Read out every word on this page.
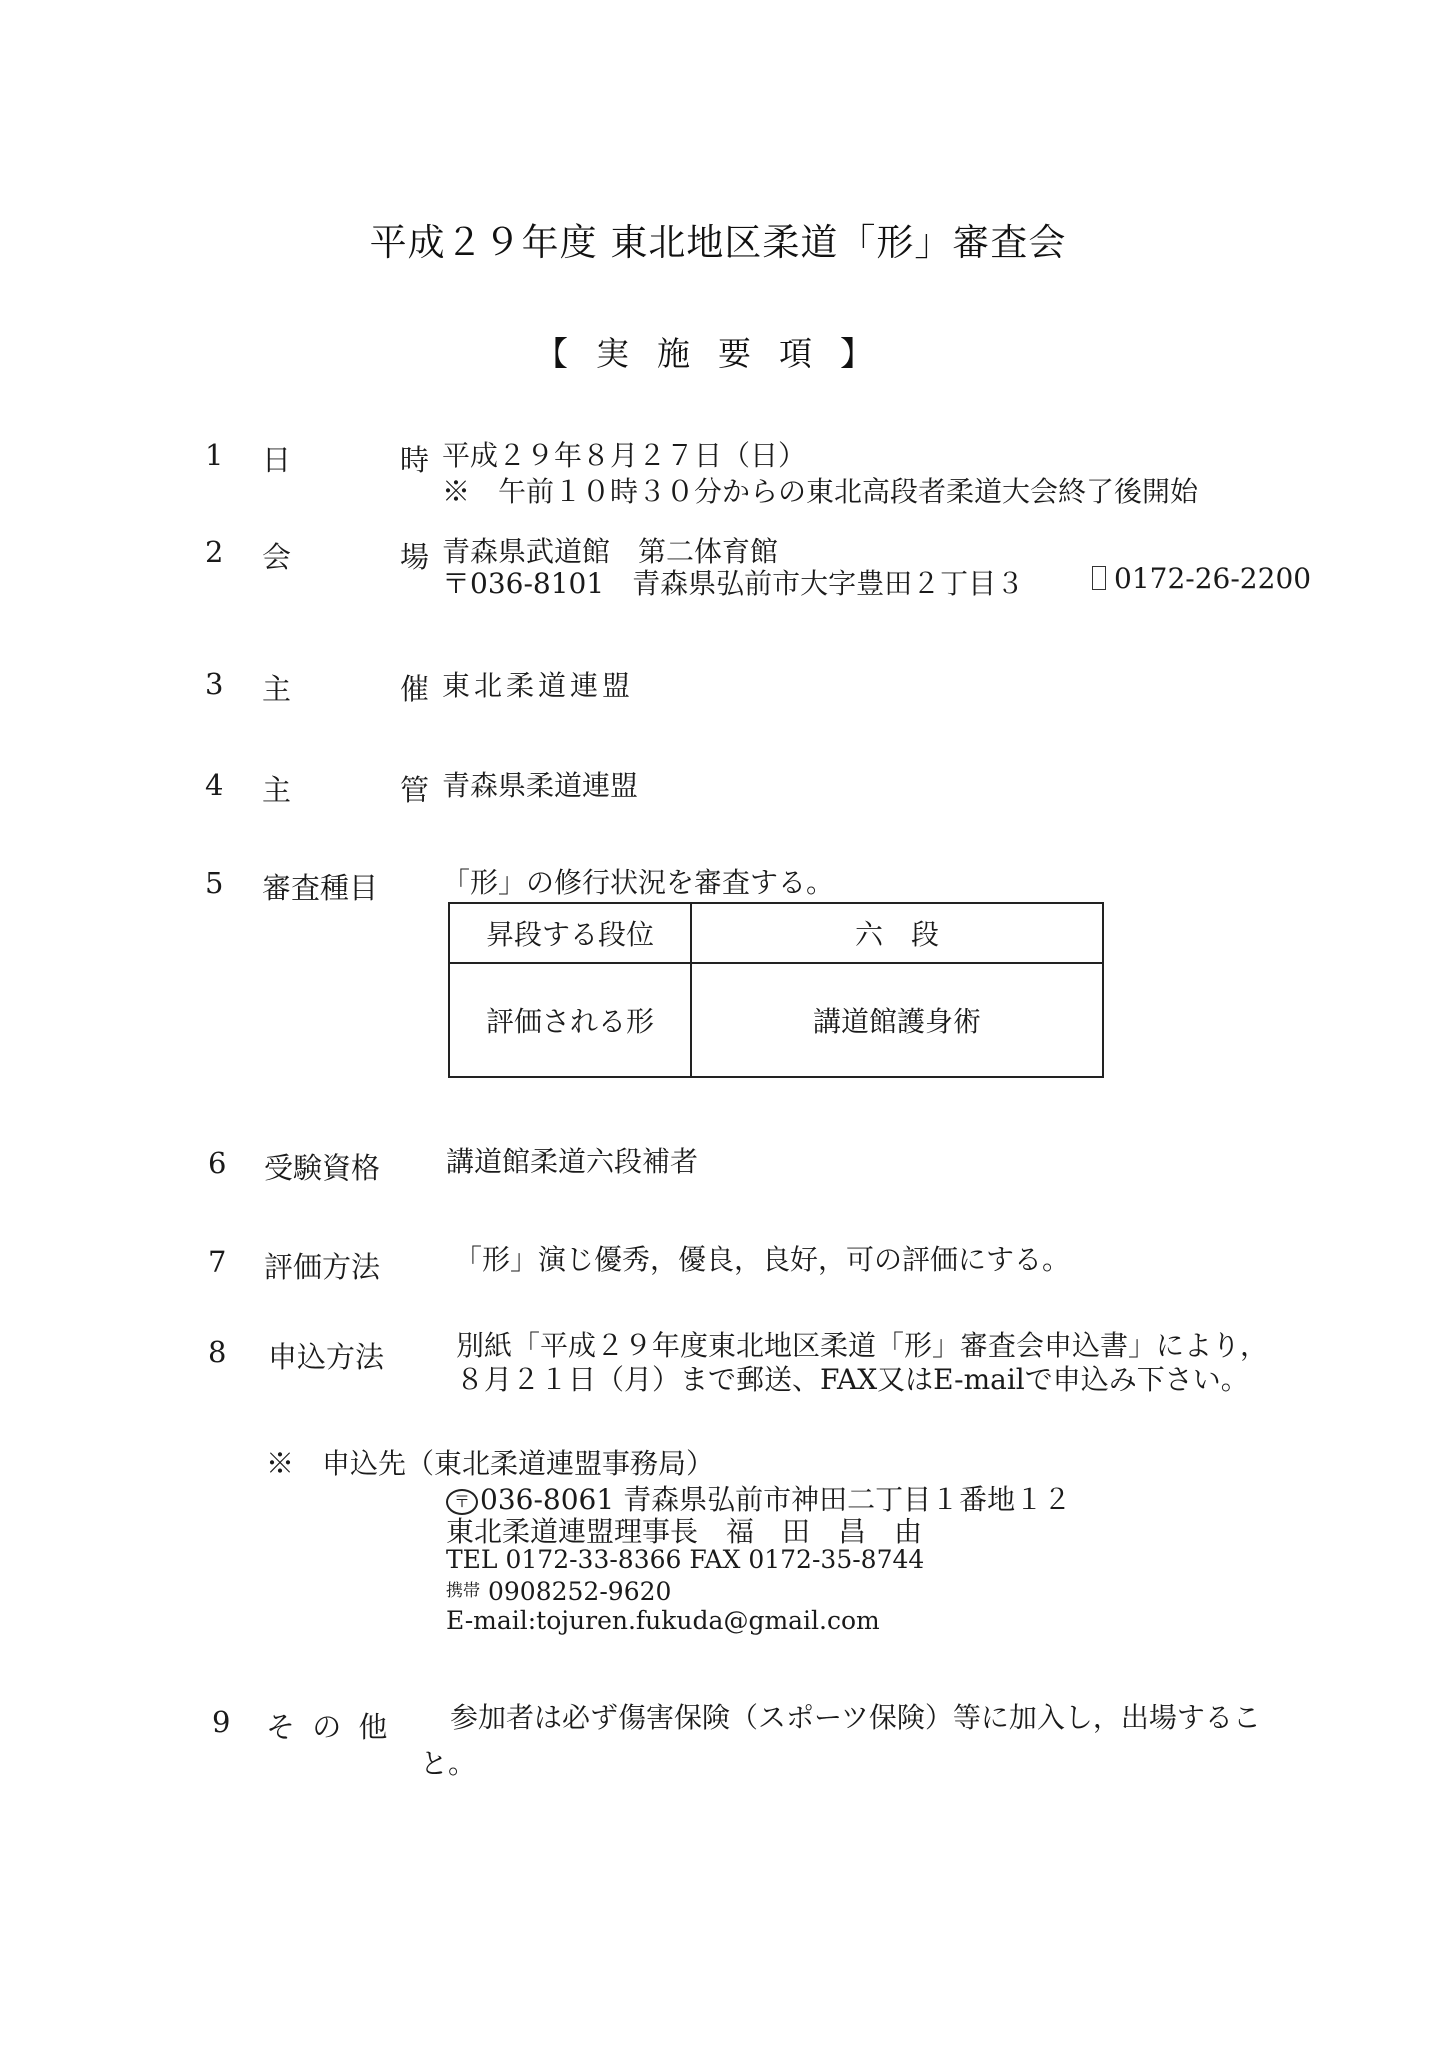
平成２９年度 東北地区柔道「形」審査会
【実施要項】
1 日　時
平成２９年８月２７日（日）
※　午前１０時３０分からの東北高段者柔道大会終了後開始
2 会　場
青森県武道館　第二体育館
〒036-8101　青森県弘前市大字豊田２丁目３	0172-26-2200
3 主　催
東北柔道連盟
4 主　管
青森県柔道連盟
5 審査種目 「形」の修行状況を審査する。
昇段する段位	六　段
評価される形	講道館護身術
6 受験資格 講道館柔道六段補者
7 評価方法	「形」演じ優秀，優良，良好，可の評価にする。
8 申込方法	別紙「平成２９年度東北地区柔道「形」審査会申込書」により，
８月２１日（月）まで郵送、FAX又はE-mailで申込み下さい。
※　申込先（東北柔道連盟事務局）
〒 036-8061 青森県弘前市神田二丁目１番地１２
東北柔道連盟理事長　福　田　昌　由
TEL 0172-33-8366 FAX 0172-35-8744
携帯 0908252-9620
E-mail:tojuren.fukuda@gmail.com
9 そ の 他 参加者は必ず傷害保険（スポーツ保険）等に加入し，出場するこ
と。
